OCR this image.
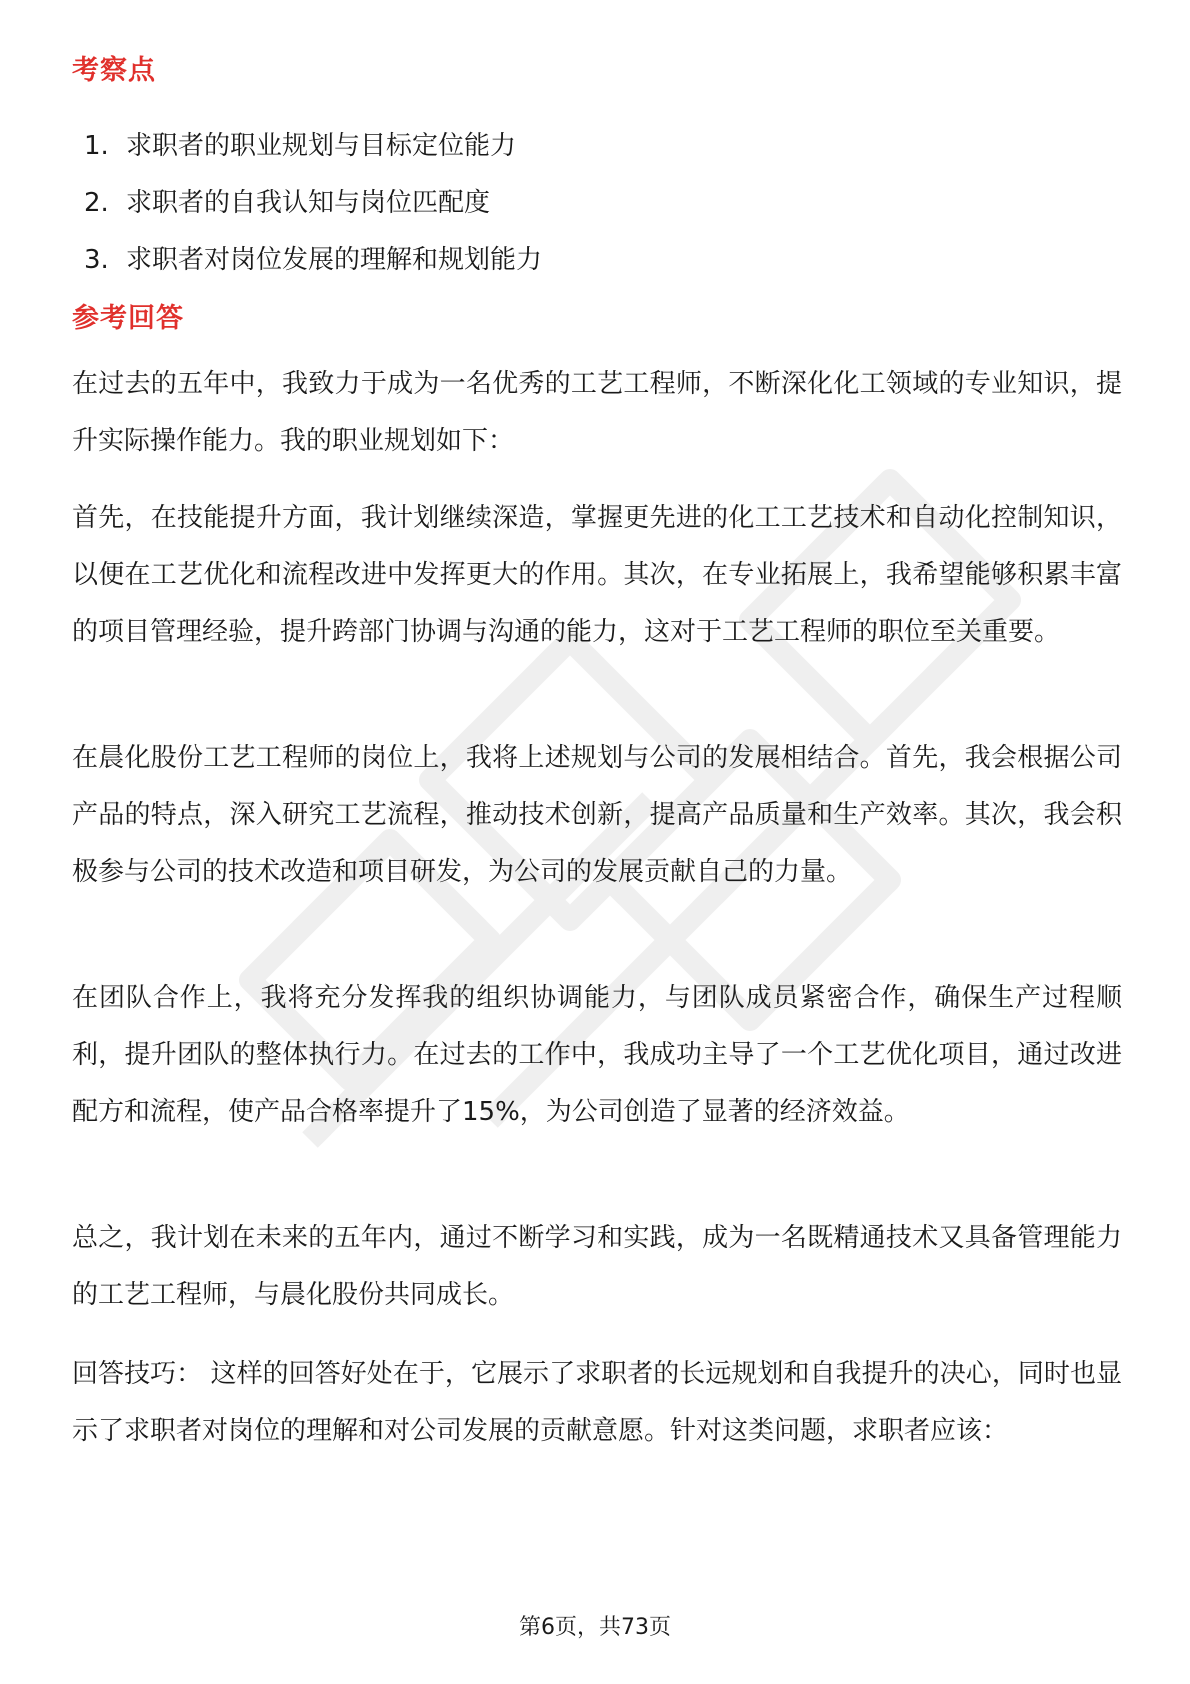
考察点
1. 求职者的职业规划与目标定位能力
2. 求职者的自我认知与岗位匹配度
3. 求职者对岗位发展的理解和规划能力
参考回答

在过去的五年中，我致力于成为一名优秀的工艺工程师，不断深化化工领域的专业知识，提升实际操作能力。我的职业规划如下：

首先，在技能提升方面，我计划继续深造，掌握更先进的化工工艺技术和自动化控制知识，以便在工艺优化和流程改进中发挥更大的作用。其次，在专业拓展上，我希望能够积累丰富的项目管理经验，提升跨部门协调与沟通的能力，这对于工艺工程师的职位至关重要。

在晨化股份工艺工程师的岗位上，我将上述规划与公司的发展相结合。首先，我会根据公司产品的特点，深入研究工艺流程，推动技术创新，提高产品质量和生产效率。其次，我会积极参与公司的技术改造和项目研发，为公司的发展贡献自己的力量。

在团队合作上，我将充分发挥我的组织协调能力，与团队成员紧密合作，确保生产过程顺利，提升团队的整体执行力。在过去的工作中，我成功主导了一个工艺优化项目，通过改进配方和流程，使产品合格率提升了15%，为公司创造了显著的经济效益。

总之，我计划在未来的五年内，通过不断学习和实践，成为一名既精通技术又具备管理能力的工艺工程师，与晨化股份共同成长。

回答技巧： 这样的回答好处在于，它展示了求职者的长远规划和自我提升的决心，同时也显示了求职者对岗位的理解和对公司发展的贡献意愿。针对这类问题，求职者应该：

第6页，共73页
